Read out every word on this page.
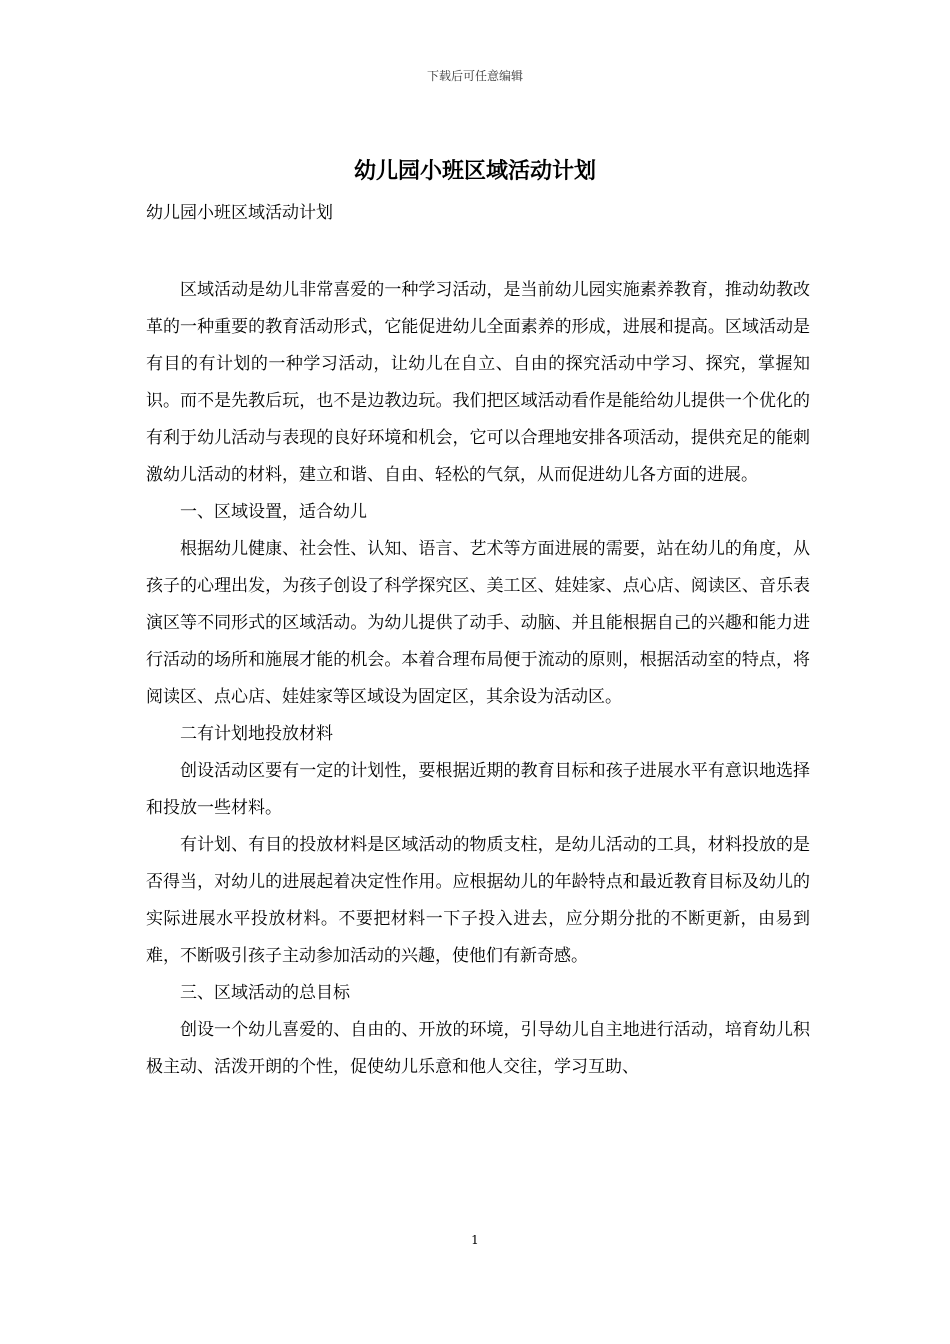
下载后可任意编辑
幼儿园小班区域活动计划
幼儿园小班区域活动计划

区域活动是幼儿非常喜爱的一种学习活动，是当前幼儿园实施素养教育，推动幼教改革的一种重要的教育活动形式，它能促进幼儿全面素养的形成，进展和提高。区域活动是有目的有计划的一种学习活动，让幼儿在自立、自由的探究活动中学习、探究，掌握知识。而不是先教后玩，也不是边教边玩。我们把区域活动看作是能给幼儿提供一个优化的有利于幼儿活动与表现的良好环境和机会，它可以合理地安排各项活动，提供充足的能刺激幼儿活动的材料，建立和谐、自由、轻松的气氛，从而促进幼儿各方面的进展。

一、区域设置，适合幼儿

根据幼儿健康、社会性、认知、语言、艺术等方面进展的需要，站在幼儿的角度，从孩子的心理出发，为孩子创设了科学探究区、美工区、娃娃家、点心店、阅读区、音乐表演区等不同形式的区域活动。为幼儿提供了动手、动脑、并且能根据自己的兴趣和能力进行活动的场所和施展才能的机会。本着合理布局便于流动的原则，根据活动室的特点，将阅读区、点心店、娃娃家等区域设为固定区，其余设为活动区。

二有计划地投放材料

创设活动区要有一定的计划性，要根据近期的教育目标和孩子进展水平有意识地选择和投放一些材料。

有计划、有目的投放材料是区域活动的物质支柱，是幼儿活动的工具，材料投放的是否得当，对幼儿的进展起着决定性作用。应根据幼儿的年龄特点和最近教育目标及幼儿的实际进展水平投放材料。不要把材料一下子投入进去，应分期分批的不断更新，由易到难，不断吸引孩子主动参加活动的兴趣，使他们有新奇感。

三、区域活动的总目标

创设一个幼儿喜爱的、自由的、开放的环境，引导幼儿自主地进行活动，培育幼儿积极主动、活泼开朗的个性，促使幼儿乐意和他人交往，学习互助、

1
